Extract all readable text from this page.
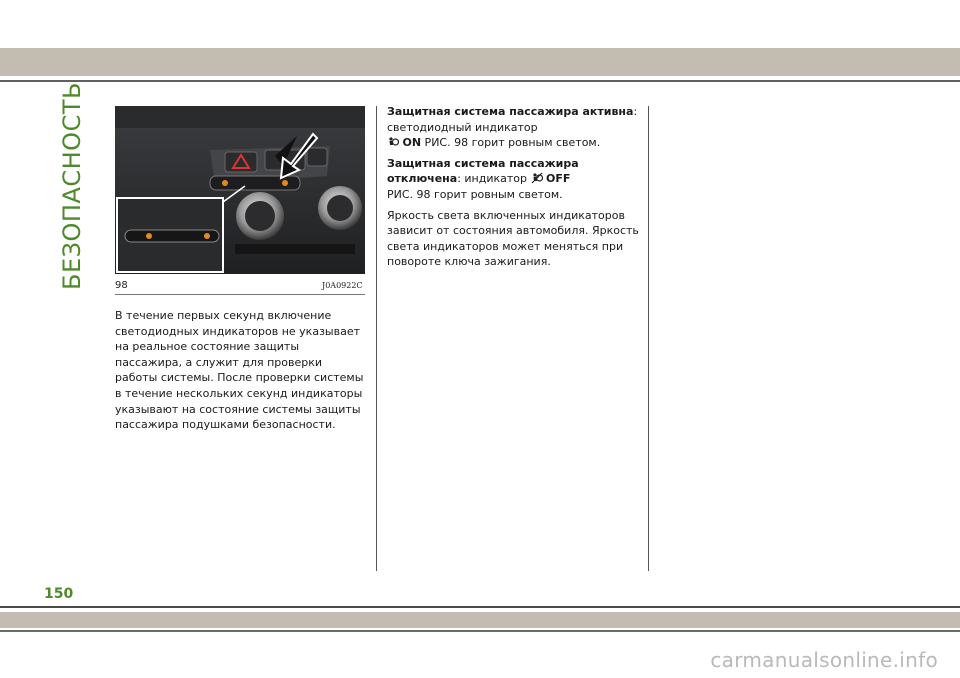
БЕЗОПАСНОСТЬ	98	J0A0922C

В течение первых секунд включение светодиодных индикаторов не указывает на реальное состояние защиты пассажира, а служит для проверки работы системы. После проверки системы в течение нескольких секунд индикаторы указывают на состояние системы защиты пассажира подушками безопасности.

Защитная система пассажира активна: светодиодный индикатор
ON РИС. 98 горит ровным светом.

Защитная система пассажира отключена: индикатор OFF
РИС. 98 горит ровным светом.

Яркость света включенных индикаторов зависит от состояния автомобиля. Яркость света индикаторов может меняться при повороте ключа зажигания.

150
carmanualsonline.info
